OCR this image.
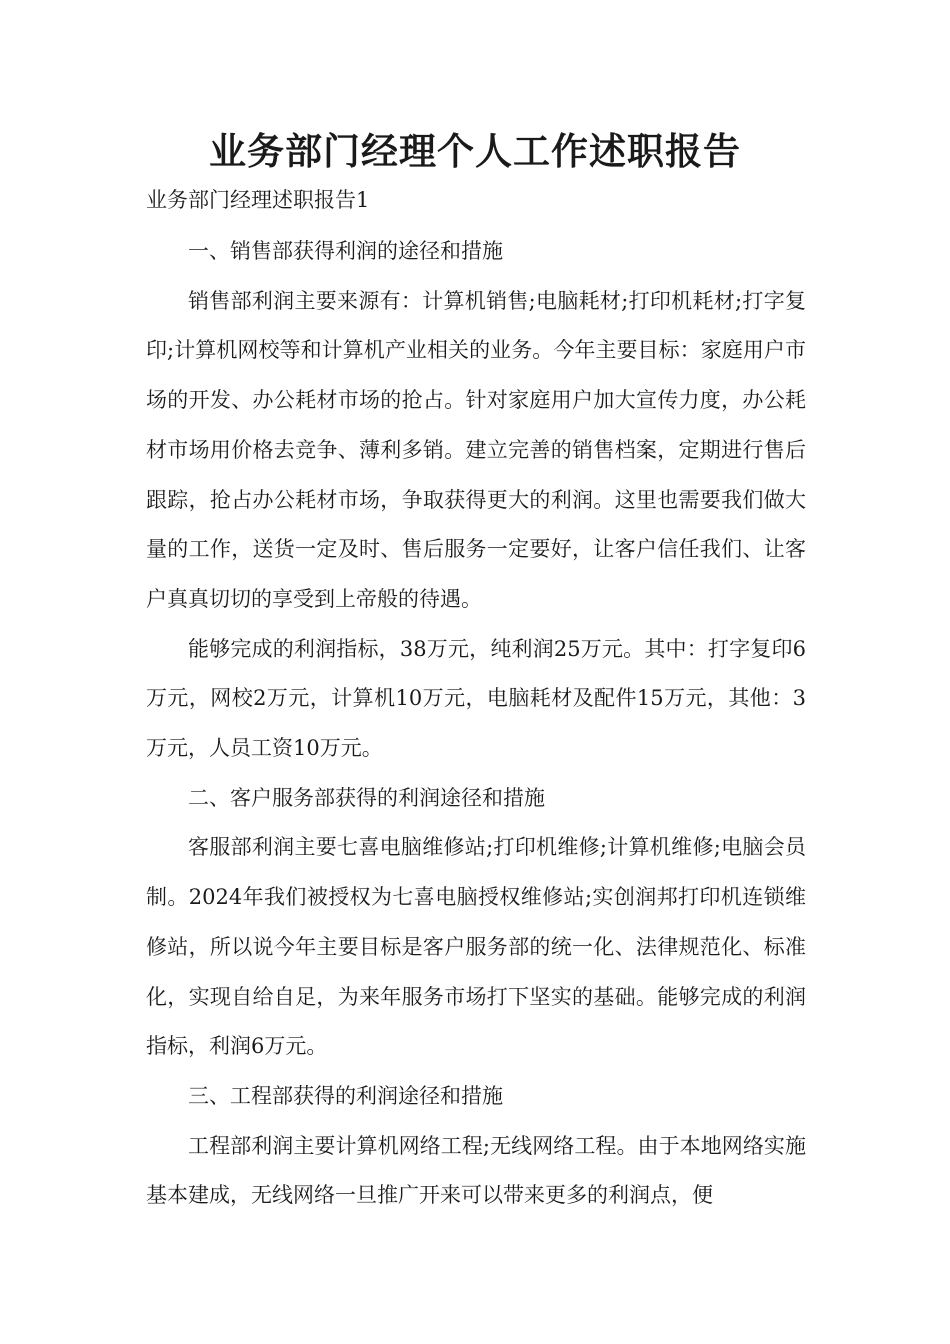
业务部门经理个人工作述职报告

业务部门经理述职报告1

一、销售部获得利润的途径和措施

销售部利润主要来源有：计算机销售;电脑耗材;打印机耗材;打字复印;计算机网校等和计算机产业相关的业务。今年主要目标：家庭用户市场的开发、办公耗材市场的抢占。针对家庭用户加大宣传力度，办公耗材市场用价格去竞争、薄利多销。建立完善的销售档案，定期进行售后跟踪，抢占办公耗材市场，争取获得更大的利润。这里也需要我们做大量的工作，送货一定及时、售后服务一定要好，让客户信任我们、让客户真真切切的享受到上帝般的待遇。

能够完成的利润指标，38万元，纯利润25万元。其中：打字复印6万元，网校2万元，计算机10万元，电脑耗材及配件15万元，其他：3万元，人员工资10万元。

二、客户服务部获得的利润途径和措施

客服部利润主要七喜电脑维修站;打印机维修;计算机维修;电脑会员制。2024年我们被授权为七喜电脑授权维修站;实创润邦打印机连锁维修站，所以说今年主要目标是客户服务部的统一化、法律规范化、标准化，实现自给自足，为来年服务市场打下坚实的基础。能够完成的利润指标，利润6万元。

三、工程部获得的利润途径和措施

工程部利润主要计算机网络工程;无线网络工程。由于本地网络实施基本建成，无线网络一旦推广开来可以带来更多的利润点，便
